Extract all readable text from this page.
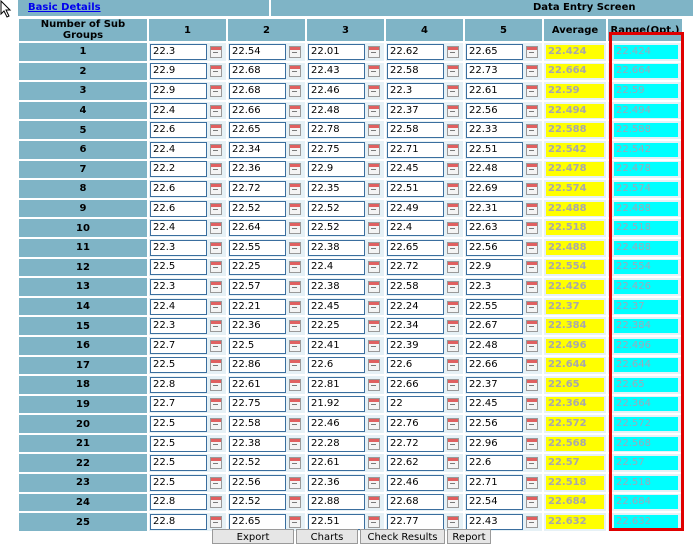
Basic Details	Data Entry Screen
Number of Sub Groups	1	2	3	4	5	Average	Range(Opt.)
1	22.3	22.54	22.01	22.62	22.65	22.424	22.424

2	22.9	22.68	22.43	22.58	22.73	22.664	22.664

3	22.9	22.68	22.46	22.3	22.61	22.59	22.59

4	22.4	22.66	22.48	22.37	22.56	22.494	22.494

5	22.6	22.65	22.78	22.58	22.33	22.588	22.588

6	22.4	22.34	22.75	22.71	22.51	22.542	22.542

7	22.2	22.36	22.9	22.45	22.48	22.478	22.478

8	22.6	22.72	22.35	22.51	22.69	22.574	22.574

9	22.6	22.52	22.52	22.49	22.31	22.488	22.488

10	22.4	22.64	22.52	22.4	22.63	22.518	22.518

11	22.3	22.55	22.38	22.65	22.56	22.488	22.488

12	22.5	22.25	22.4	22.72	22.9	22.554	22.554

13	22.3	22.57	22.38	22.58	22.3	22.426	22.426

14	22.4	22.21	22.45	22.24	22.55	22.37	22.37

15	22.3	22.36	22.25	22.34	22.67	22.384	22.384

16	22.7	22.5	22.41	22.39	22.48	22.496	22.496

17	22.5	22.86	22.6	22.6	22.66	22.644	22.644

18	22.8	22.61	22.81	22.66	22.37	22.65	22.65

19	22.7	22.75	21.92	22	22.45	22.364	22.364

20	22.5	22.58	22.46	22.76	22.56	22.572	22.572

21	22.5	22.38	22.28	22.72	22.96	22.568	22.568

22	22.5	22.52	22.61	22.62	22.6	22.57	22.57

23	22.5	22.56	22.36	22.46	22.71	22.518	22.518

24	22.8	22.52	22.88	22.68	22.54	22.684	22.684

25	22.8	22.65	22.51	22.77	22.43	22.632	22.632
Export	Charts	Check Results	Report
